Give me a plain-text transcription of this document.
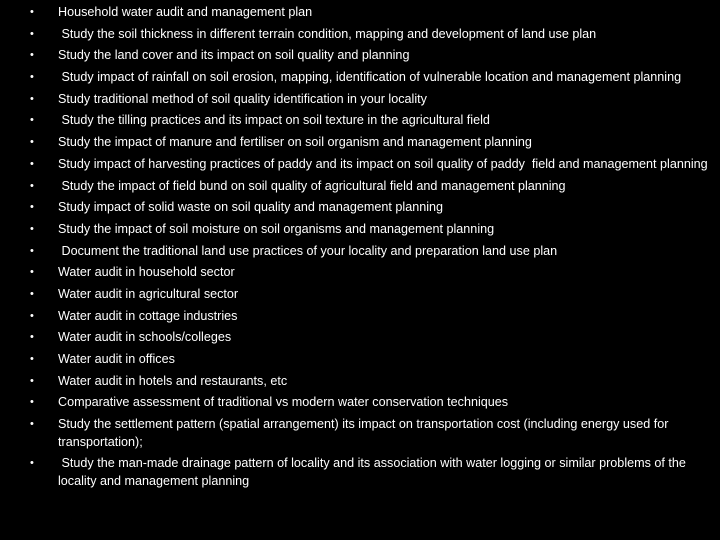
• Household water audit and management plan
• Study the soil thickness in different terrain condition, mapping and development of land use plan
• Study the land cover and its impact on soil quality and planning
• Study impact of rainfall on soil erosion, mapping, identification of vulnerable location and management planning
• Study traditional method of soil quality identification in your locality
• Study the tilling practices and its impact on soil texture in the agricultural field
• Study the impact of manure and fertiliser on soil organism and management planning
• Study impact of harvesting practices of paddy and its impact on soil quality of paddy  field and management planning
• Study the impact of field bund on soil quality of agricultural field and management planning
• Study impact of solid waste on soil quality and management planning
• Study the impact of soil moisture on soil organisms and management planning
• Document the traditional land use practices of your locality and preparation land use plan
• Water audit in household sector
• Water audit in agricultural sector
• Water audit in cottage industries
• Water audit in schools/colleges
• Water audit in offices
• Water audit in hotels and restaurants, etc
• Comparative assessment of traditional vs modern water conservation techniques
• Study the settlement pattern (spatial arrangement) its impact on transportation cost (including energy used for transportation);
• Study the man-made drainage pattern of locality and its association with water logging or similar problems of the locality and management planning
